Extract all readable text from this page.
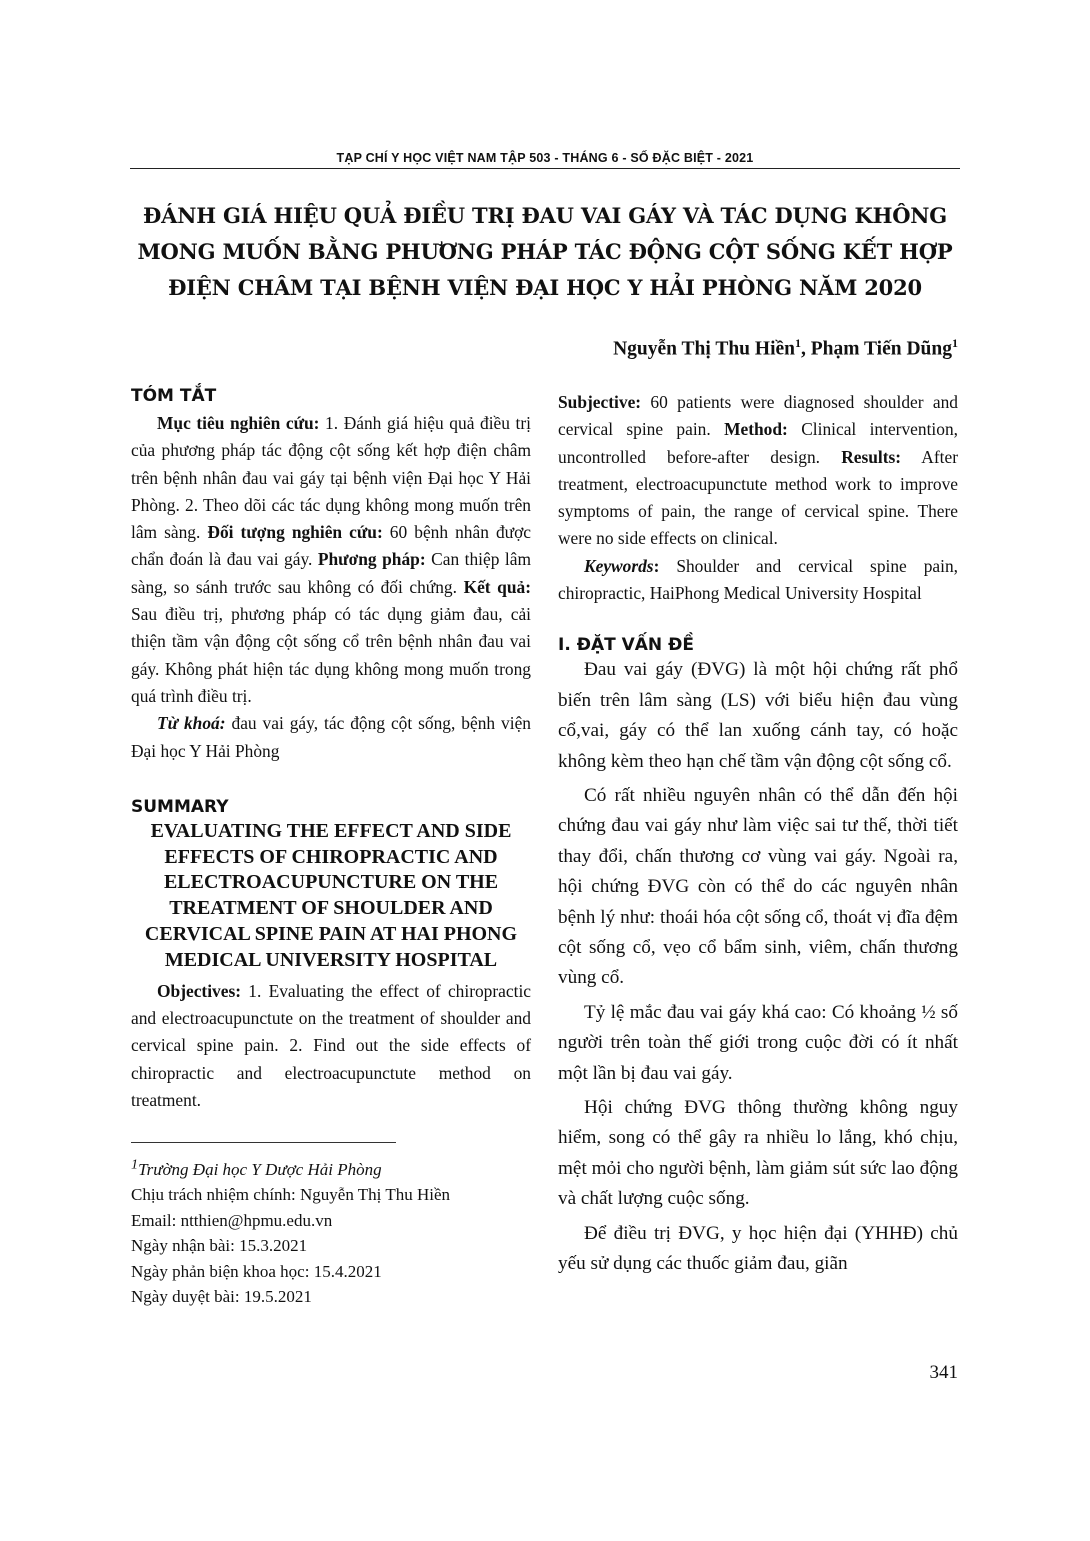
TẠP CHÍ Y HỌC VIỆT NAM TẬP 503 - THÁNG 6 - SỐ ĐẶC BIỆT - 2021
ĐÁNH GIÁ HIỆU QUẢ ĐIỀU TRỊ ĐAU VAI GÁY VÀ TÁC DỤNG KHÔNG
MONG MUỐN BẰNG PHƯƠNG PHÁP TÁC ĐỘNG CỘT SỐNG KẾT HỢP
ĐIỆN CHÂM TẠI BỆNH VIỆN ĐẠI HỌC Y HẢI PHÒNG NĂM 2020
Nguyễn Thị Thu Hiền$^1$, Phạm Tiến Dũng$^1$
TÓM TẮT

Mục tiêu nghiên cứu: 1. Đánh giá hiệu quả điều trị của phương pháp tác động cột sống kết hợp điện châm trên bệnh nhân đau vai gáy tại bệnh viện Đại học Y Hải Phòng. 2. Theo dõi các tác dụng không mong muốn trên lâm sàng. Đối tượng nghiên cứu: 60 bệnh nhân được chẩn đoán là đau vai gáy. Phương pháp: Can thiệp lâm sàng, so sánh trước sau không có đối chứng. Kết quả: Sau điều trị, phương pháp có tác dụng giảm đau, cải thiện tầm vận động cột sống cổ trên bệnh nhân đau vai gáy. Không phát hiện tác dụng không mong muốn trong quá trình điều trị.

Từ khoá: đau vai gáy, tác động cột sống, bệnh viện Đại học Y Hải Phòng

SUMMARY

EVALUATING THE EFFECT AND SIDE EFFECTS OF CHIROPRACTIC AND ELECTROACUPUNCTURE ON THE TREATMENT OF SHOULDER AND CERVICAL SPINE PAIN AT HAI PHONG MEDICAL UNIVERSITY HOSPITAL

Objectives: 1. Evaluating the effect of chiropractic and electroacupunctute on the treatment of shoulder and cervical spine pain. 2. Find out the side effects of chiropractic and electroacupunctute method on treatment.

$^1$Trường Đại học Y Dược Hải Phòng

Chịu trách nhiệm chính: Nguyễn Thị Thu Hiền

Email: ntthien@hpmu.edu.vn

Ngày nhận bài: 15.3.2021

Ngày phản biện khoa học: 15.4.2021

Ngày duyệt bài: 19.5.2021

Subjective: 60 patients were diagnosed shoulder and cervical spine pain. Method: Clinical intervention, uncontrolled before-after design. Results: After treatment, electroacupunctute method work to improve symptoms of pain, the range of cervical spine. There were no side effects on clinical.

Keywords: Shoulder and cervical spine pain, chiropractic, HaiPhong Medical University Hospital

I. ĐẶT VẤN ĐỀ

Đau vai gáy (ĐVG) là một hội chứng rất phổ biến trên lâm sàng (LS) với biểu hiện đau vùng cổ,vai, gáy có thể lan xuống cánh tay, có hoặc không kèm theo hạn chế tầm vận động cột sống cổ.

Có rất nhiều nguyên nhân có thể dẫn đến hội chứng đau vai gáy như làm việc sai tư thế, thời tiết thay đổi, chấn thương cơ vùng vai gáy. Ngoài ra, hội chứng ĐVG còn có thể do các nguyên nhân bệnh lý như: thoái hóa cột sống cổ, thoát vị đĩa đệm cột sống cổ, vẹo cổ bẩm sinh, viêm, chấn thương vùng cổ.

Tỷ lệ mắc đau vai gáy khá cao: Có khoảng ½ số người trên toàn thế giới trong cuộc đời có ít nhất một lần bị đau vai gáy.

Hội chứng ĐVG thông thường không nguy hiểm, song có thể gây ra nhiều lo lắng, khó chịu, mệt mỏi cho người bệnh, làm giảm sút sức lao động và chất lượng cuộc sống.

Để điều trị ĐVG, y học hiện đại (YHHĐ) chủ yếu sử dụng các thuốc giảm đau, giãn

341
